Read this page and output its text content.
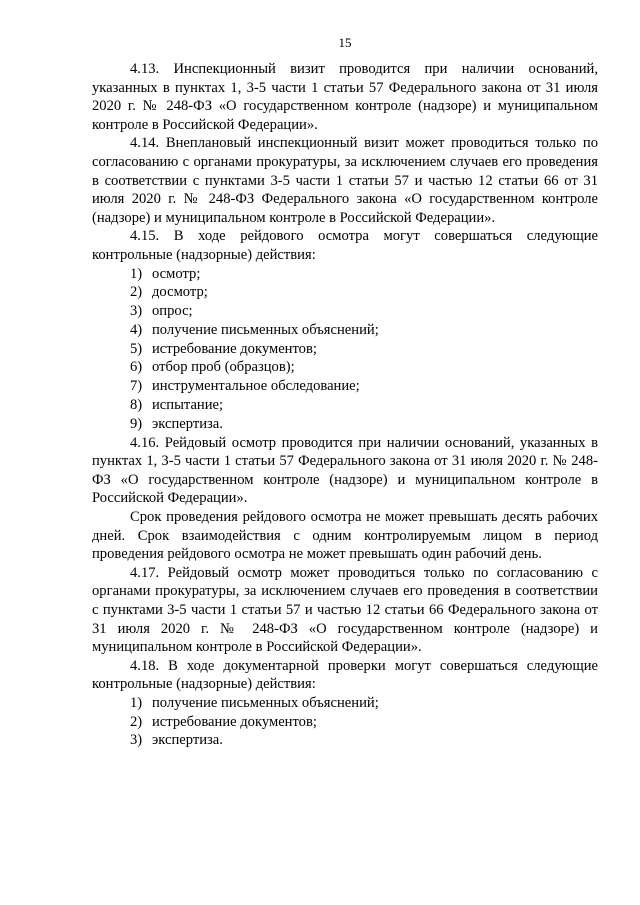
15

4.13. Инспекционный визит проводится при наличии оснований, указанных в пунктах 1, 3-5 части 1 статьи 57 Федерального закона от 31 июля 2020 г. № 248-ФЗ «О государственном контроле (надзоре) и муниципальном контроле в Российской Федерации».

4.14. Внеплановый инспекционный визит может проводиться только по согласованию с органами прокуратуры, за исключением случаев его проведения в соответствии с пунктами 3-5 части 1 статьи 57 и частью 12 статьи 66 от 31 июля 2020 г. № 248-ФЗ Федерального закона «О государственном контроле (надзоре) и муниципальном контроле в Российской Федерации».

4.15. В ходе рейдового осмотра могут совершаться следующие контрольные (надзорные) действия:

1) осмотр;
2) досмотр;
3) опрос;
4) получение письменных объяснений;
5) истребование документов;
6) отбор проб (образцов);
7) инструментальное обследование;
8) испытание;
9) экспертиза.

4.16. Рейдовый осмотр проводится при наличии оснований, указанных в пунктах 1, 3-5 части 1 статьи 57 Федерального закона от 31 июля 2020 г. № 248-ФЗ «О государственном контроле (надзоре) и муниципальном контроле в Российской Федерации».

Срок проведения рейдового осмотра не может превышать десять рабочих дней. Срок взаимодействия с одним контролируемым лицом в период проведения рейдового осмотра не может превышать один рабочий день.

4.17. Рейдовый осмотр может проводиться только по согласованию с органами прокуратуры, за исключением случаев его проведения в соответствии с пунктами 3-5 части 1 статьи 57 и частью 12 статьи 66 Федерального закона от 31 июля 2020 г. № 248-ФЗ «О государственном контроле (надзоре) и муниципальном контроле в Российской Федерации».

4.18. В ходе документарной проверки могут совершаться следующие контрольные (надзорные) действия:

1) получение письменных объяснений;
2) истребование документов;
3) экспертиза.
